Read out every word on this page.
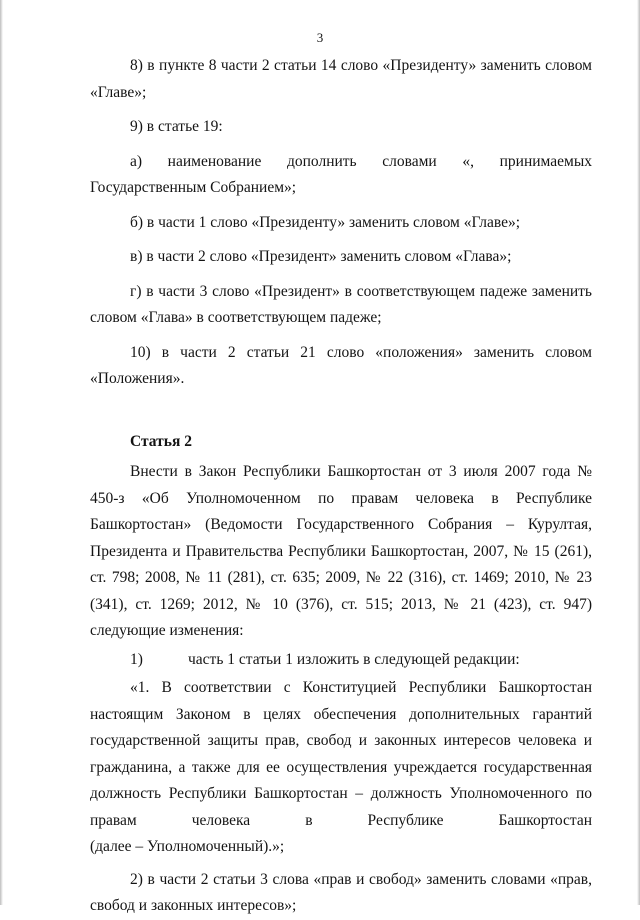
3

8) в пункте 8 части 2 статьи 14 слово «Президенту» заменить словом «Главе»;

9) в статье 19:

а) наименование дополнить словами «, принимаемых Государственным Собранием»;

б) в части 1 слово «Президенту» заменить словом «Главе»;

в) в части 2 слово «Президент» заменить словом «Глава»;

г) в части 3 слово «Президент» в соответствующем падеже заменить словом «Глава» в соответствующем падеже;

10) в части 2 статьи 21 слово «положения» заменить словом «Положения».

Статья 2

Внести в Закон Республики Башкортостан от 3 июля 2007 года № 450-з «Об Уполномоченном по правам человека в Республике Башкортостан» (Ведомости Государственного Собрания – Курултая, Президента и Правительства Республики Башкортостан, 2007, № 15 (261), ст. 798; 2008, № 11 (281), ст. 635; 2009, № 22 (316), ст. 1469; 2010, № 23 (341), ст. 1269; 2012, № 10 (376), ст. 515; 2013, № 21 (423), ст. 947) следующие изменения:

1)	часть 1 статьи 1 изложить в следующей редакции:

«1. В соответствии с Конституцией Республики Башкортостан настоящим Законом в целях обеспечения дополнительных гарантий государственной защиты прав, свобод и законных интересов человека и гражданина, а также для ее осуществления учреждается государственная должность Республики Башкортостан – должность Уполномоченного по правам человека в Республике Башкортостан

(далее – Уполномоченный).»;

2) в части 2 статьи 3 слова «прав и свобод» заменить словами «прав, свобод и законных интересов»;
